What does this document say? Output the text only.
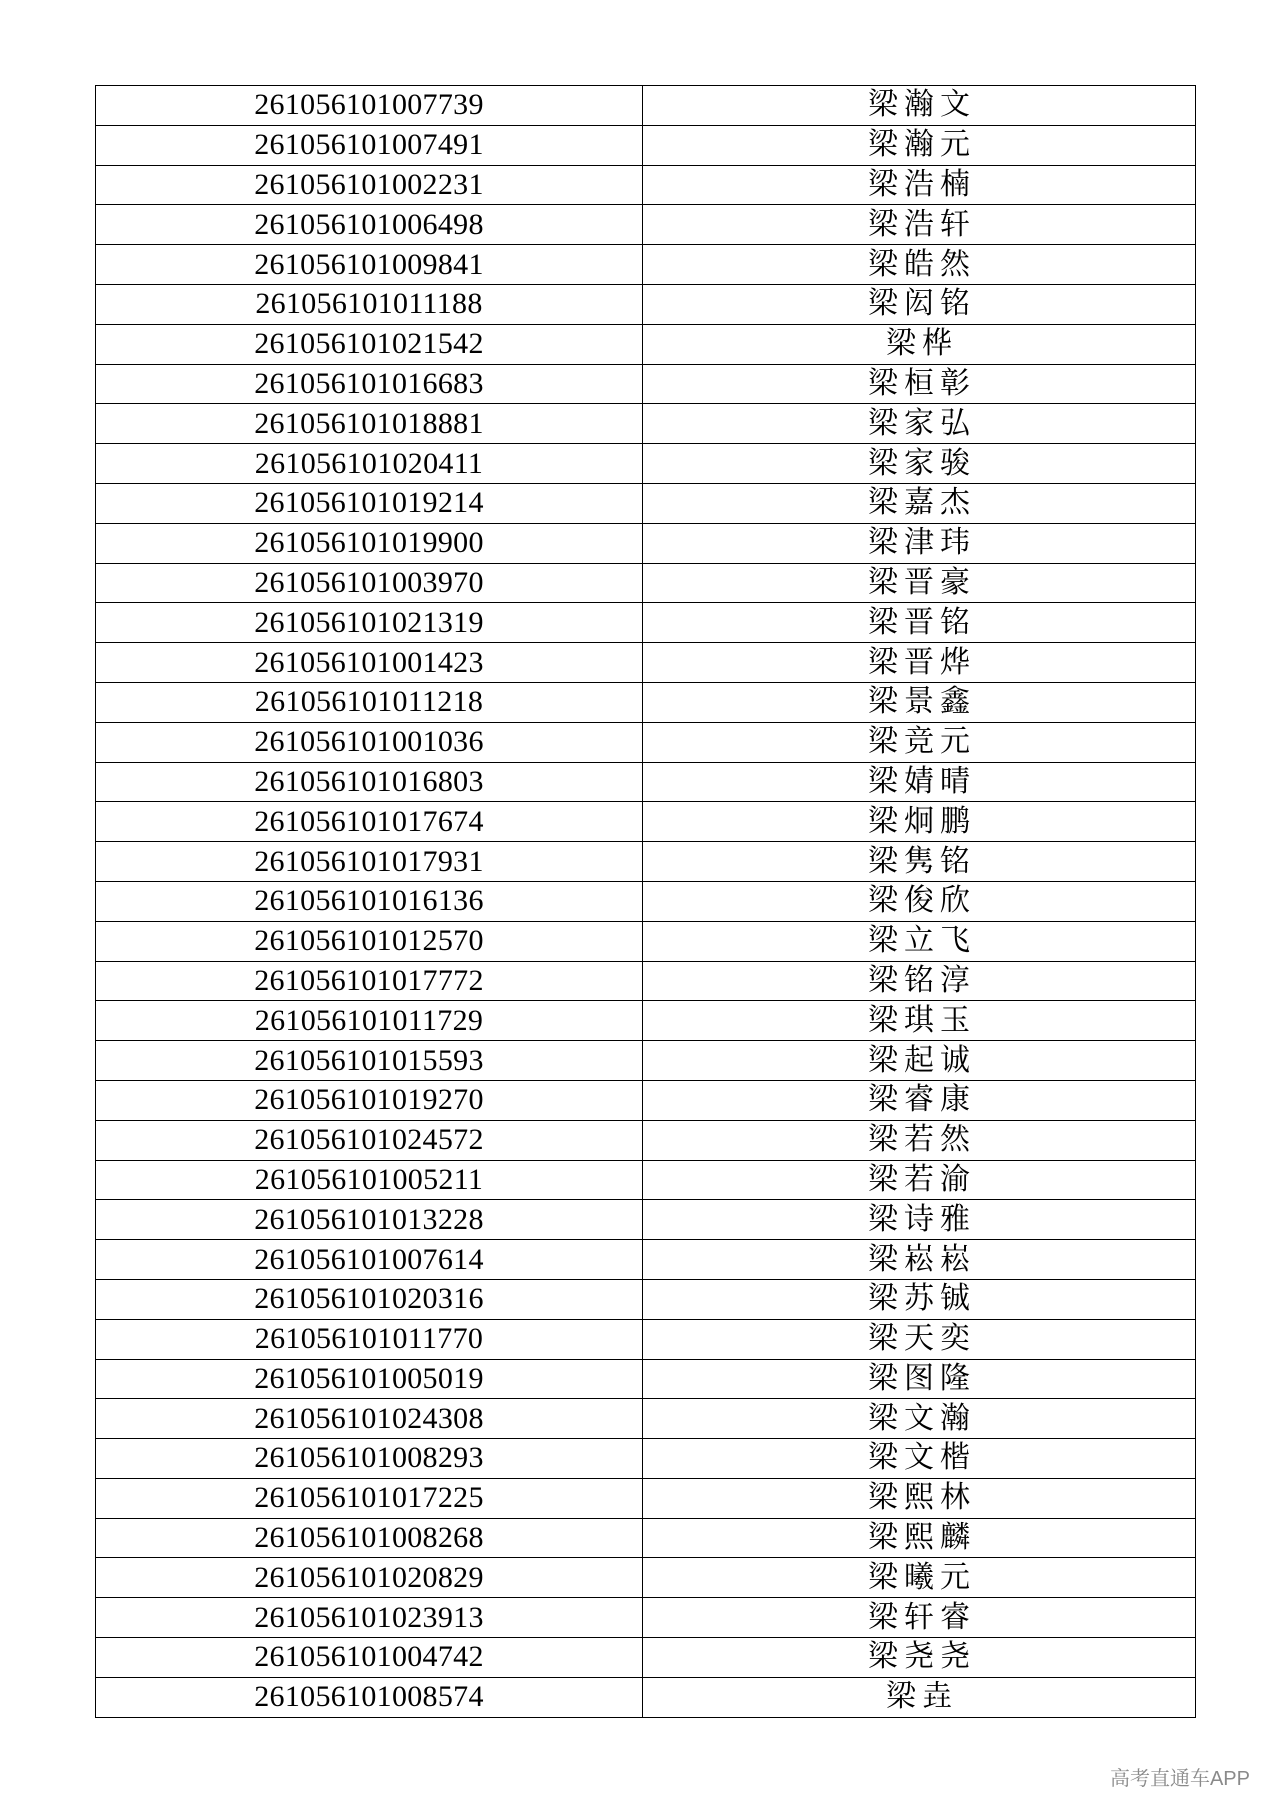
261056101007739	梁瀚文
261056101007491	梁瀚元
261056101002231	梁浩楠
261056101006498	梁浩轩
261056101009841	梁皓然
261056101011188	梁闳铭
261056101021542	梁桦
261056101016683	梁桓彰
261056101018881	梁家弘
261056101020411	梁家骏
261056101019214	梁嘉杰
261056101019900	梁津玮
261056101003970	梁晋豪
261056101021319	梁晋铭
261056101001423	梁晋烨
261056101011218	梁景鑫
261056101001036	梁竞元
261056101016803	梁婧晴
261056101017674	梁炯鹏
261056101017931	梁隽铭
261056101016136	梁俊欣
261056101012570	梁立飞
261056101017772	梁铭淳
261056101011729	梁琪玉
261056101015593	梁起诚
261056101019270	梁睿康
261056101024572	梁若然
261056101005211	梁若渝
261056101013228	梁诗雅
261056101007614	梁崧崧
261056101020316	梁苏铖
261056101011770	梁天奕
261056101005019	梁图隆
261056101024308	梁文瀚
261056101008293	梁文楷
261056101017225	梁熙林
261056101008268	梁熙麟
261056101020829	梁曦元
261056101023913	梁轩睿
261056101004742	梁尧尧
261056101008574	梁垚
高考直通车APP
